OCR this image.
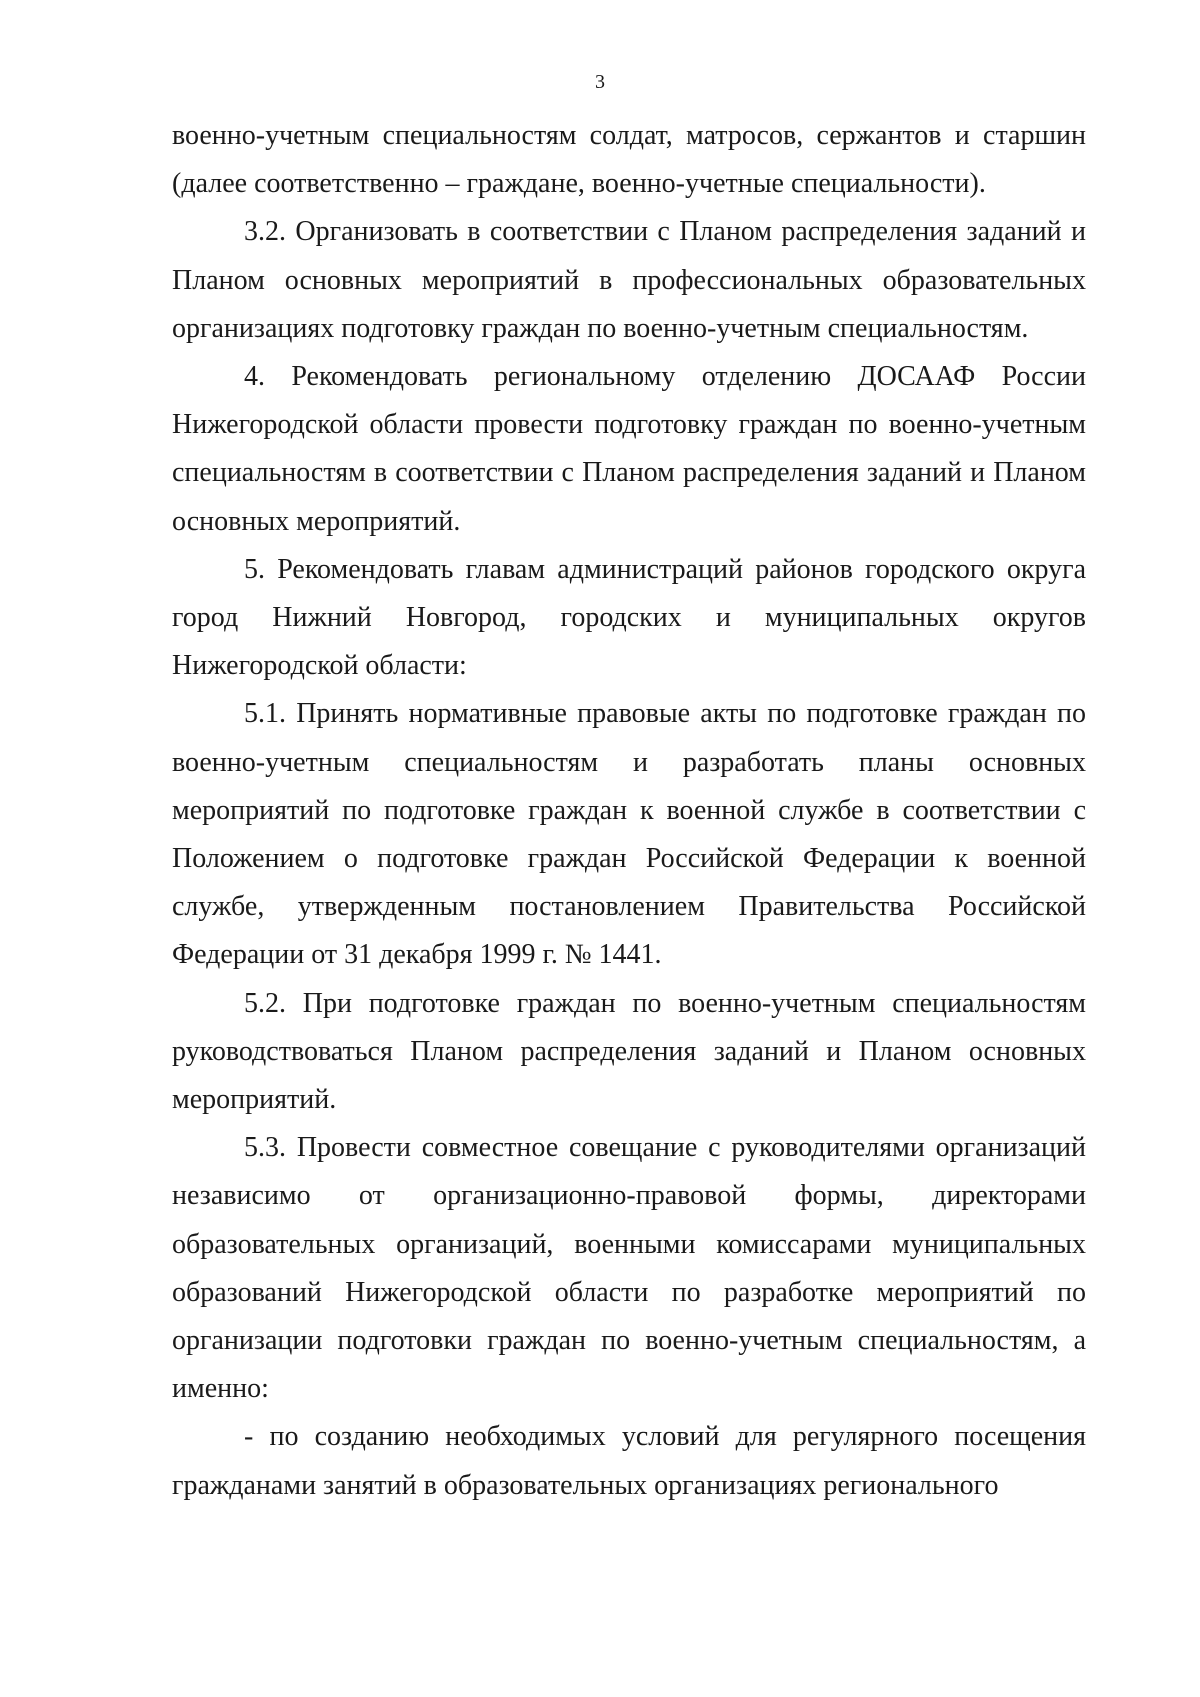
3

военно-учетным специальностям солдат, матросов, сержантов и старшин (далее соответственно – граждане, военно-учетные специальности).

3.2. Организовать в соответствии с Планом распределения заданий и Планом основных мероприятий в профессиональных образовательных организациях подготовку граждан по военно-учетным специальностям.

4. Рекомендовать региональному отделению ДОСААФ России Нижегородской области провести подготовку граждан по военно-учетным специальностям в соответствии с Планом распределения заданий и Планом основных мероприятий.

5. Рекомендовать главам администраций районов городского округа город Нижний Новгород, городских и муниципальных округов Нижегородской области:

5.1. Принять нормативные правовые акты по подготовке граждан по военно-учетным специальностям и разработать планы основных мероприятий по подготовке граждан к военной службе в соответствии с Положением о подготовке граждан Российской Федерации к военной службе, утвержденным постановлением Правительства Российской Федерации от 31 декабря 1999 г. № 1441.

5.2. При подготовке граждан по военно-учетным специальностям руководствоваться Планом распределения заданий и Планом основных мероприятий.

5.3. Провести совместное совещание с руководителями организаций независимо от организационно-правовой формы, директорами образовательных организаций, военными комиссарами муниципальных образований Нижегородской области по разработке мероприятий по организации подготовки граждан по военно-учетным специальностям, а именно:

- по созданию необходимых условий для регулярного посещения гражданами занятий в образовательных организациях регионального
